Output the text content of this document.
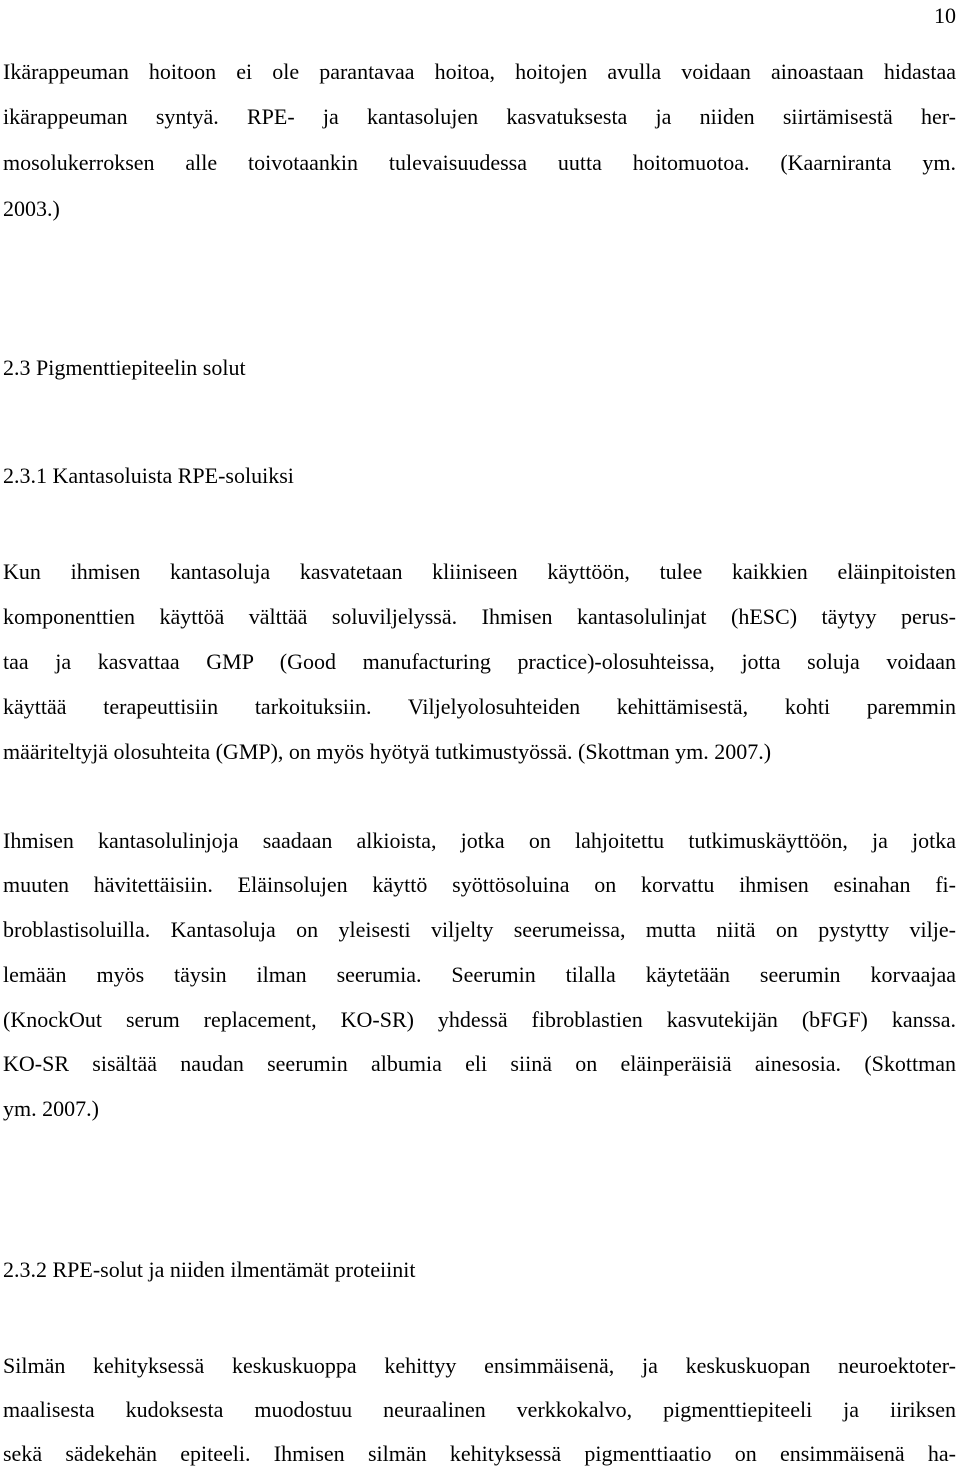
10
Ikärappeuman hoitoon ei ole parantavaa hoitoa, hoitojen avulla voidaan ainoastaan hidastaa
ikärappeuman syntyä. RPE- ja kantasolujen kasvatuksesta ja niiden siirtämisestä her-
mosolukerroksen alle toivotaankin tulevaisuudessa uutta hoitomuotoa. (Kaarniranta ym.
2003.)
2.3 Pigmenttiepiteelin solut
2.3.1 Kantasoluista RPE-soluiksi
Kun ihmisen kantasoluja kasvatetaan kliiniseen käyttöön, tulee kaikkien eläinpitoisten
komponenttien käyttöä välttää soluviljelyssä. Ihmisen kantasolulinjat (hESC) täytyy perus-
taa ja kasvattaa GMP (Good manufacturing practice)-olosuhteissa, jotta soluja voidaan
käyttää terapeuttisiin tarkoituksiin. Viljelyolosuhteiden kehittämisestä, kohti paremmin
määriteltyjä olosuhteita (GMP), on myös hyötyä tutkimustyössä. (Skottman ym. 2007.)
Ihmisen kantasolulinjoja saadaan alkioista, jotka on lahjoitettu tutkimuskäyttöön, ja jotka
muuten hävitettäisiin. Eläinsolujen käyttö syöttösoluina on korvattu ihmisen esinahan fi-
broblastisoluilla. Kantasoluja on yleisesti viljelty seerumeissa, mutta niitä on pystytty vilje-
lemään myös täysin ilman seerumia. Seerumin tilalla käytetään seerumin korvaajaa
(KnockOut serum replacement, KO-SR) yhdessä fibroblastien kasvutekijän (bFGF) kanssa.
KO-SR sisältää naudan seerumin albumia eli siinä on eläinperäisiä ainesosia. (Skottman
ym. 2007.)
2.3.2 RPE-solut ja niiden ilmentämät proteiinit
Silmän kehityksessä keskuskuoppa kehittyy ensimmäisenä, ja keskuskuopan neuroektoter-
maalisesta kudoksesta muodostuu neuraalinen verkkokalvo, pigmenttiepiteeli ja iiriksen
sekä sädekehän epiteeli. Ihmisen silmän kehityksessä pigmenttiaatio on ensimmäisenä ha-
